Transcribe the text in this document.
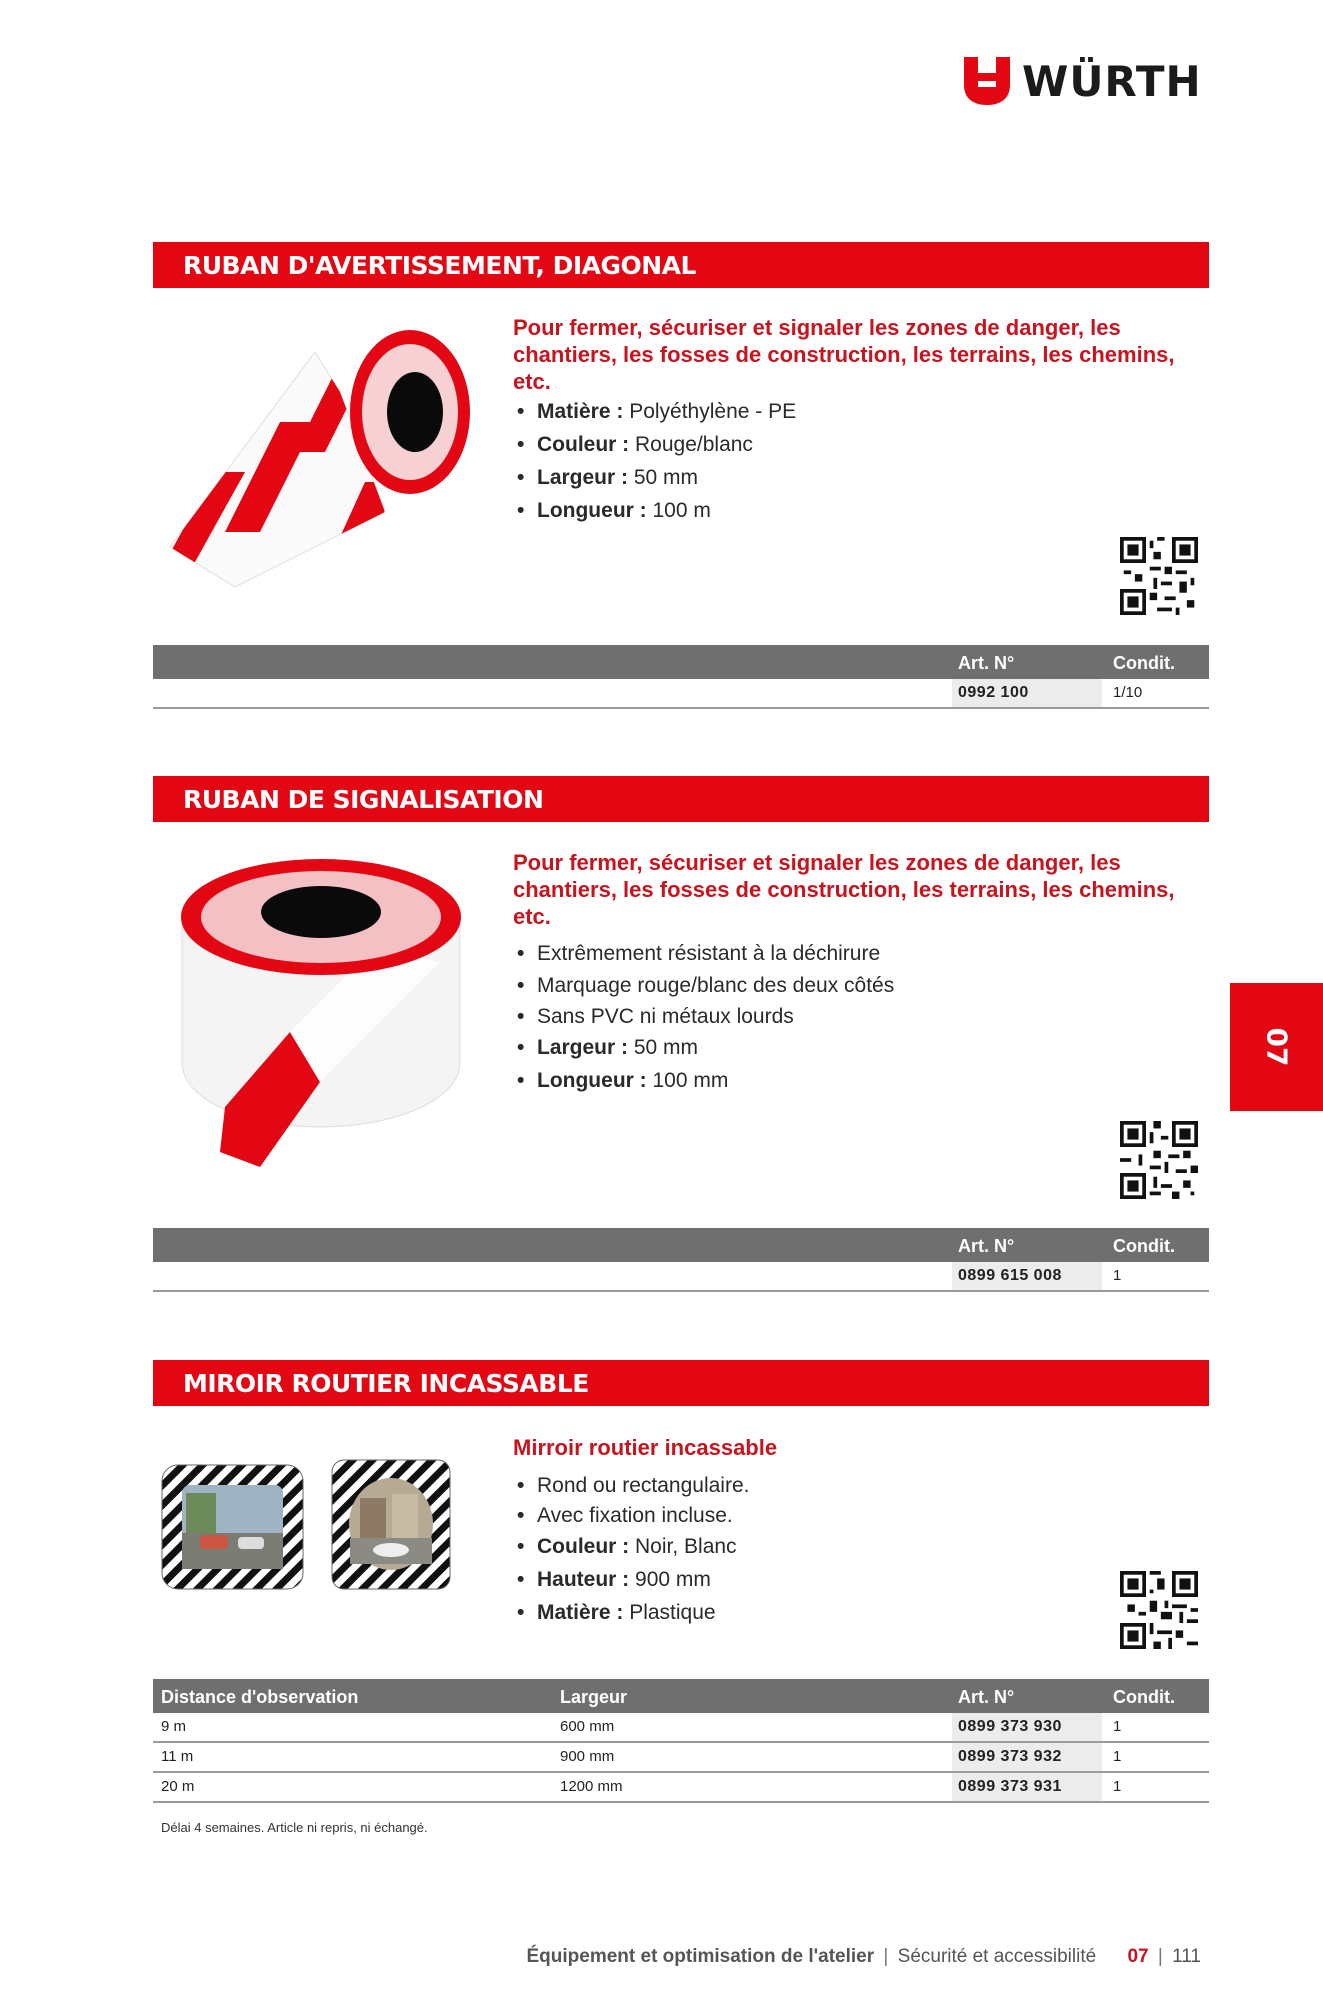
WÜRTH
RUBAN D'AVERTISSEMENT, DIAGONAL
Pour fermer, sécuriser et signaler les zones de danger, les chantiers, les fosses de construction, les terrains, les chemins, etc.
• Matière : Polyéthylène - PE
• Couleur : Rouge/blanc
• Largeur : 50 mm
• Longueur : 100 m
Art. N°	Condit.
0992 100	1/10
RUBAN DE SIGNALISATION
Pour fermer, sécuriser et signaler les zones de danger, les chantiers, les fosses de construction, les terrains, les chemins, etc.
• Extrêmement résistant à la déchirure
• Marquage rouge/blanc des deux côtés
• Sans PVC ni métaux lourds
• Largeur : 50 mm
• Longueur : 100 mm
Art. N°	Condit.
0899 615 008	1
07
MIROIR ROUTIER INCASSABLE
Mirroir routier incassable
• Rond ou rectangulaire.
• Avec fixation incluse.
• Couleur : Noir, Blanc
• Hauteur : 900 mm
• Matière : Plastique
Distance d'observation	Largeur	Art. N°	Condit.
9 m	600 mm	0899 373 930	1
11 m	900 mm	0899 373 932	1
20 m	1200 mm	0899 373 931	1
Délai 4 semaines. Article ni repris, ni échangé.
Équipement et optimisation de l'atelier | Sécurité et accessibilité 07 | 111
